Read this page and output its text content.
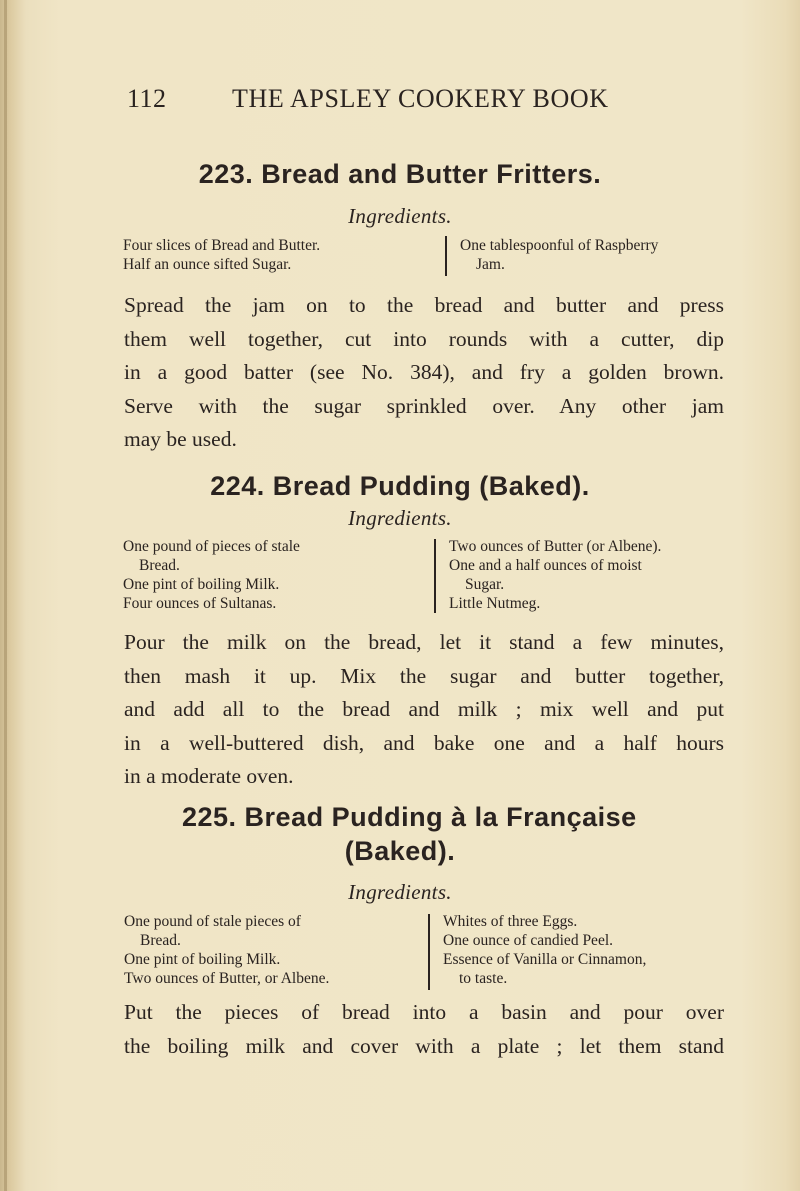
112	THE APSLEY COOKERY BOOK
223. Bread and Butter Fritters.
Ingredients.
Four slices of Bread and Butter.
Half an ounce sifted Sugar.
One tablespoonful of Raspberry
Jam.
Spread the jam on to the bread and butter and press
them well together, cut into rounds with a cutter, dip
in a good batter (see No. 384), and fry a golden brown.
Serve with the sugar sprinkled over. Any other jam
may be used.
224. Bread Pudding (Baked).
Ingredients.
One pound of pieces of stale
Bread.
One pint of boiling Milk.
Four ounces of Sultanas.
Two ounces of Butter (or Albene).
One and a half ounces of moist
Sugar.
Little Nutmeg.
Pour the milk on the bread, let it stand a few minutes,
then mash it up. Mix the sugar and butter together,
and add all to the bread and milk ; mix well and put
in a well-buttered dish, and bake one and a half hours
in a moderate oven.
225. Bread Pudding à la Française
(Baked).
Ingredients.
One pound of stale pieces of
Bread.
One pint of boiling Milk.
Two ounces of Butter, or Albene.
Whites of three Eggs.
One ounce of candied Peel.
Essence of Vanilla or Cinnamon,
to taste.
Put the pieces of bread into a basin and pour over
the boiling milk and cover with a plate ; let them stand
